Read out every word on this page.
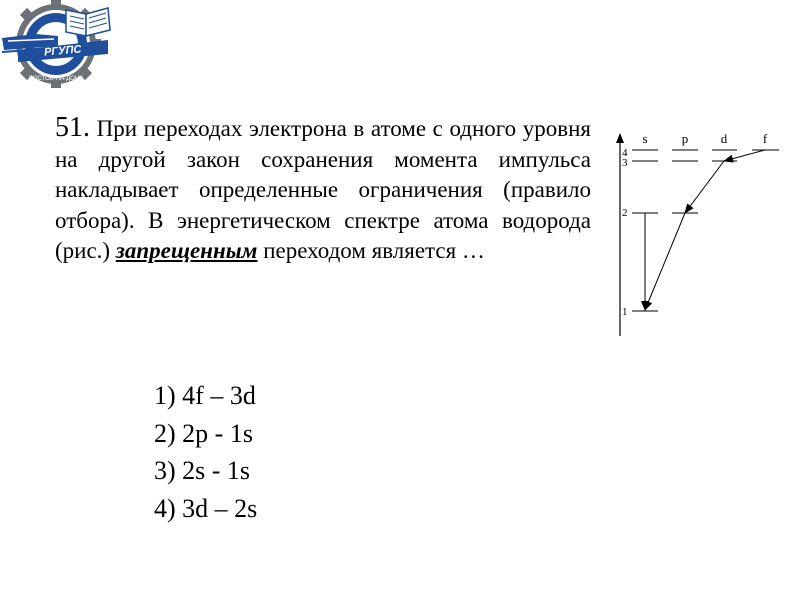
РОСТОВ-НА-ДОНУ
РГУПС
51. При переходах электрона в атоме с одного уровня на другой закон сохранения момента импульса накладывает определенные ограничения (правило отбора). В энергетическом спектре атома водорода (рис.) запрещенным переходом является …
1) 4f – 3d
2) 2p - 1s
3) 2s - 1s
4) 3d – 2s
s	p	d	f
4
3
2
1
